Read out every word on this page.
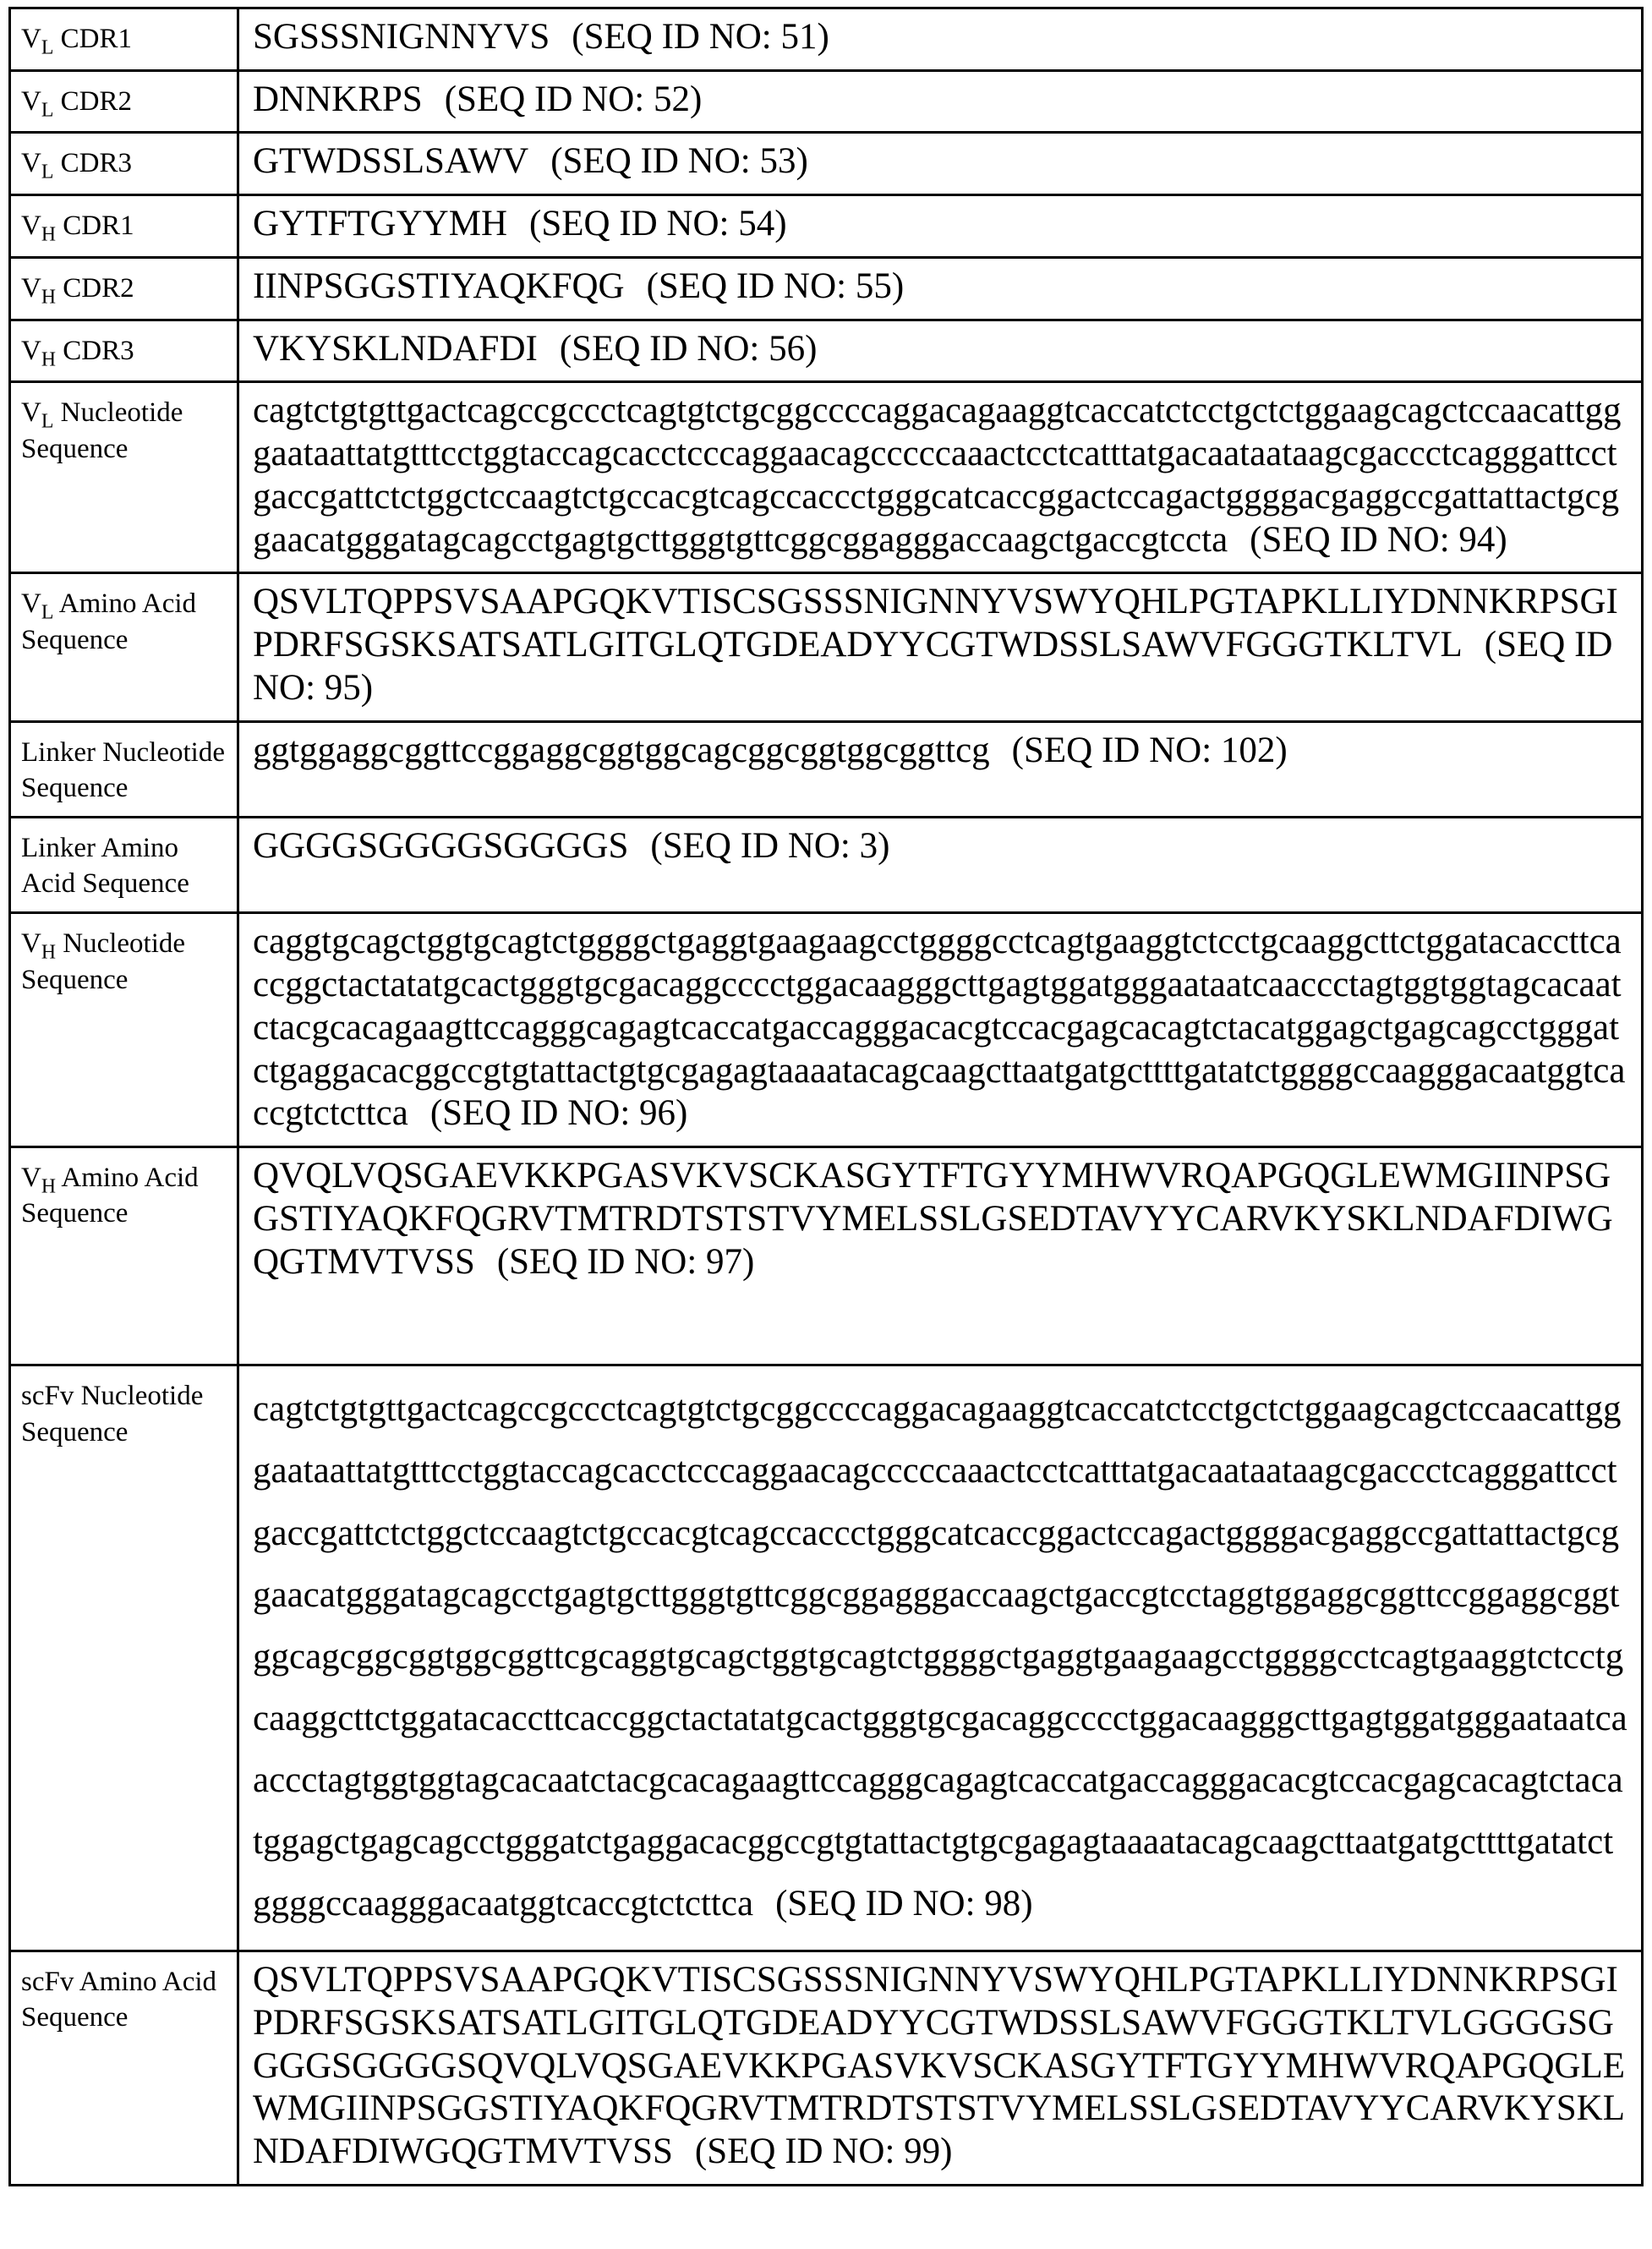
$V_L$ CDR1	SGSSSNIGNNYVS (SEQ ID NO: 51)
$V_L$ CDR2	DNNKRPS (SEQ ID NO: 52)
$V_L$ CDR3	GTWDSSLSAWV (SEQ ID NO: 53)
$V_H$ CDR1	GYTFTGYYMH (SEQ ID NO: 54)
$V_H$ CDR2	IINPSGGSTIYAQKFQG (SEQ ID NO: 55)
$V_H$ CDR3	VKYSKLNDAFDI (SEQ ID NO: 56)
$V_L$ Nucleotide Sequence	cagtctgtgttgactcagccgccctcagtgtctgcggccccaggacagaaggtcaccatctcctgctctggaagcagctccaacattgggaataattatgtttcctggtaccagcacctcccaggaacagcccccaaactcctcatttatgacaataataagcgaccctcagggattcctgaccgattctctggctccaagtctgccacgtcagccaccctgggcatcaccggactccagactggggacgaggccgattattactgcggaacatgggatagcagcctgagtgcttgggtgttcggcggagggaccaagctgaccgtccta (SEQ ID NO: 94)
$V_L$ Amino Acid Sequence	QSVLTQPPSVSAAPGQKVTISCSGSSSNIGNNYVSWYQHLPGTAPKLLIYDNNKRPSGIPDRFSGSKSATSATLGITGLQTGDEADYYCGTWDSSLSAWVFGGGTKLTVL (SEQ ID NO: 95)
Linker Nucleotide Sequence	ggtggaggcggttccggaggcggtggcagcggcggtggcggttcg (SEQ ID NO: 102)
Linker Amino Acid Sequence	GGGGSGGGGSGGGGS (SEQ ID NO: 3)
$V_H$ Nucleotide Sequence	caggtgcagctggtgcagtctggggctgaggtgaagaagcctggggcctcagtgaaggtctcctgcaaggcttctggatacaccttcaccggctactatatgcactgggtgcgacaggcccctggacaagggcttgagtggatgggaataatcaaccctagtggtggtagcacaatctacgcacagaagttccagggcagagtcaccatgaccagggacacgtccacgagcacagtctacatggagctgagcagcctgggatctgaggacacggccgtgtattactgtgcgagagtaaaatacagcaagcttaatgatgcttttgatatctggggccaagggacaatggtcaccgtctcttca (SEQ ID NO: 96)
$V_H$ Amino Acid Sequence	QVQLVQSGAEVKKPGASVKVSCKASGYTFTGYYMHWVRQAPGQGLEWMGIINPSGGSTIYAQKFQGRVTMTRDTSTSTVYMELSSLGSEDTAVYYCARVKYSKLNDAFDIWGQGTMVTVSS (SEQ ID NO: 97)
scFv Nucleotide Sequence	cagtctgtgttgactcagccgccctcagtgtctgcggccccaggacagaaggtcaccatctcctgctctggaagcagctccaacattgggaataattatgtttcctggtaccagcacctcccaggaacagcccccaaactcctcatttatgacaataataagcgaccctcagggattcctgaccgattctctggctccaagtctgccacgtcagccaccctgggcatcaccggactccagactggggacgaggccgattattactgcggaacatgggatagcagcctgagtgcttgggtgttcggcggagggaccaagctgaccgtcctaggtggaggcggttccggaggcggtggcagcggcggtggcggttcgcaggtgcagctggtgcagtctggggctgaggtgaagaagcctggggcctcagtgaaggtctcctgcaaggcttctggatacaccttcaccggctactatatgcactgggtgcgacaggcccctggacaagggcttgagtggatgggaataatcaaccctagtggtggtagcacaatctacgcacagaagttccagggcagagtcaccatgaccagggacacgtccacgagcacagtctacatggagctgagcagcctgggatctgaggacacggccgtgtattactgtgcgagagtaaaatacagcaagcttaatgatgcttttgatatctggggccaagggacaatggtcaccgtctcttca (SEQ ID NO: 98)
scFv Amino Acid Sequence	QSVLTQPPSVSAAPGQKVTISCSGSSSNIGNNYVSWYQHLPGTAPKLLIYDNNKRPSGIPDRFSGSKSATSATLGITGLQTGDEADYYCGTWDSSLSAWVFGGGTKLTVLGGGGSGGGGSGGGGSQVQLVQSGAEVKKPGASVKVSCKASGYTFTGYYMHWVRQAPGQGLEWMGIINPSGGSTIYAQKFQGRVTMTRDTSTSTVYMELSSLGSEDTAVYYCARVKYSKLNDAFDIWGQGTMVTVSS (SEQ ID NO: 99)
